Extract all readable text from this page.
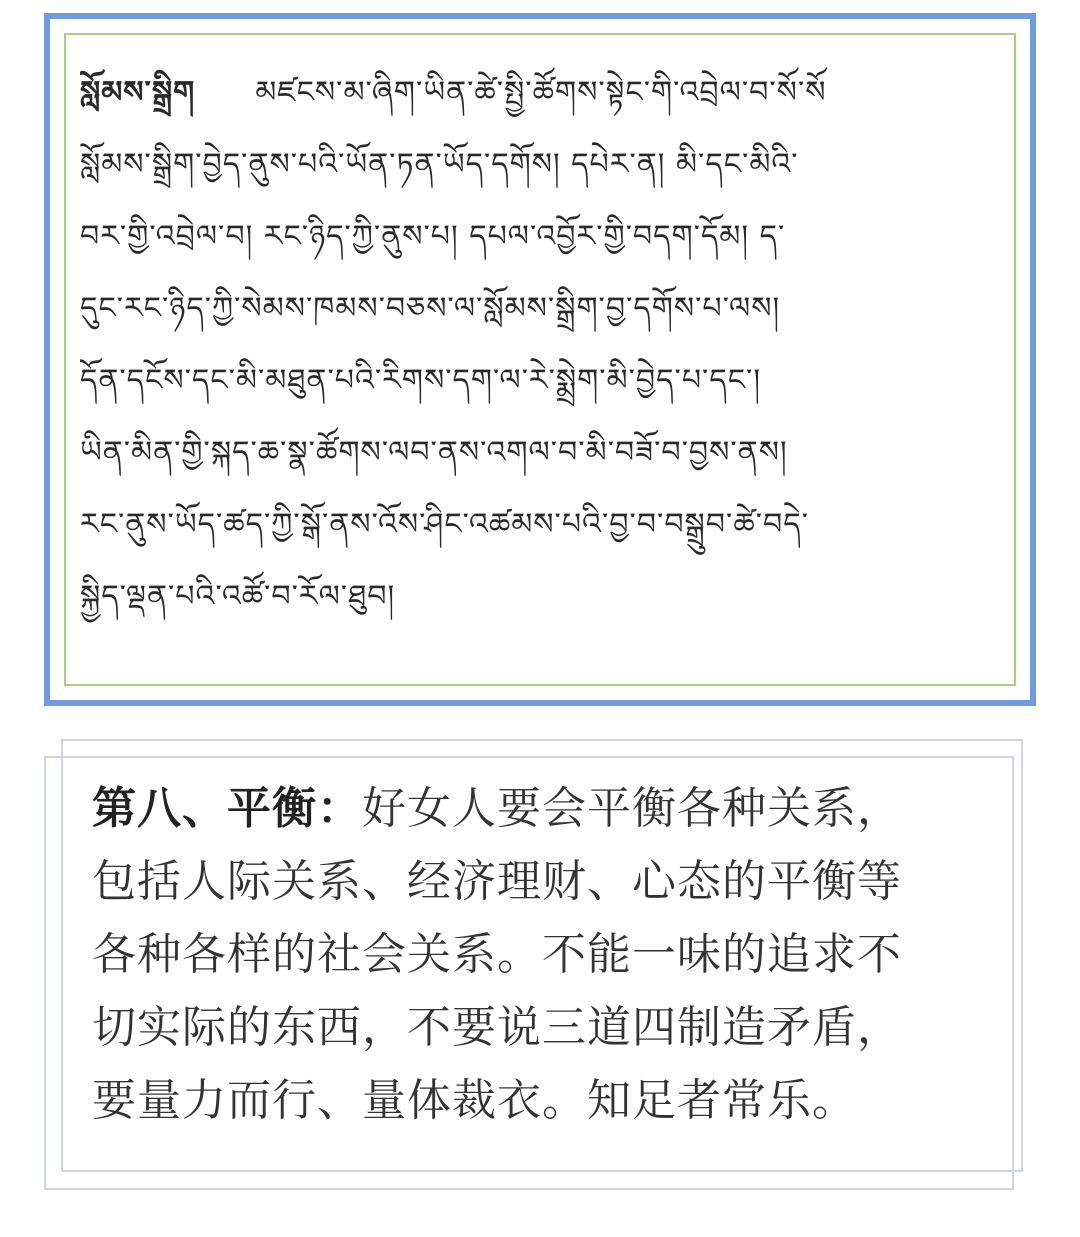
སློམས་སྒྲིག མཛངས་མ་ཞིག་ཡིན་ཚེ་སྤྱི་ཚོགས་སྟེང་གི་འབྲེལ་བ་སོ་སོ
སློམས་སྒྲིག་བྱེད་ནུས་པའི་ཡོན་ཏན་ཡོད་དགོས། དཔེར་ན། མི་དང་མིའི་
བར་གྱི་འབྲེལ་བ། རང་ཉིད་ཀྱི་ནུས་པ། དཔལ་འབྱོར་གྱི་བདག་དོམ། ད་
དུང་རང་ཉིད་ཀྱི་སེམས་ཁམས་བཅས་ལ་སློམས་སྒྲིག་བྱ་དགོས་པ་ལས།
དོན་དངོས་དང་མི་མཐུན་པའི་རིགས་དག་ལ་རེ་སྨྲེག་མི་བྱེད་པ་དང་།
ཡིན་མིན་གྱི་སྐད་ཆ་སྣ་ཚོགས་ལབ་ནས་འགལ་བ་མི་བཟོ་བ་བྱས་ནས།
རང་ནུས་ཡོད་ཚད་ཀྱི་སྒོ་ནས་འོས་ཤིང་འཚམས་པའི་བྱ་བ་བསྒྲུབ་ཚེ་བདེ་
སྐྱིད་ལྡན་པའི་འཚོ་བ་རོལ་ཐུབ།
第八、平衡：好女人要会平衡各种关系，
包括人际关系、经济理财、心态的平衡等
各种各样的社会关系。不能一味的追求不
切实际的东西，不要说三道四制造矛盾，
要量力而行、量体裁衣。知足者常乐。
